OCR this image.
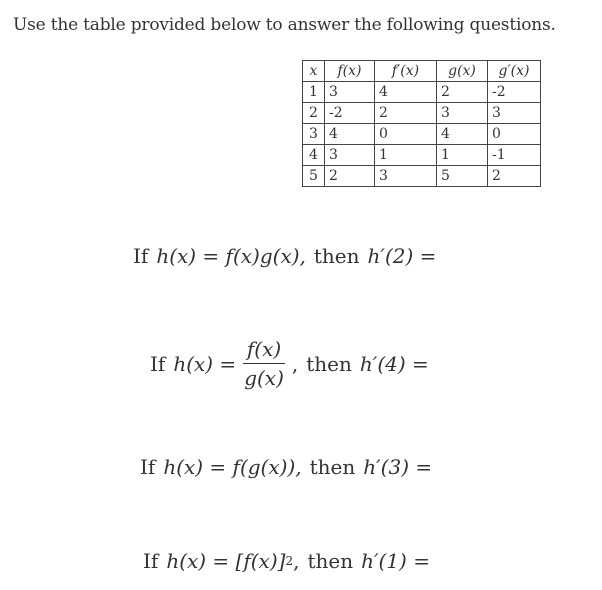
Use the table provided below to answer the following questions.
x	f(x)	f′(x)	g(x)	g′(x)
1	3	4	2	-2
2	-2	2	3	3
3	4	0	4	0
4	3	1	1	-1
5	2	3	5	2
If h(x) = f(x)g(x), then h′(2) =
If $h(x) = \frac{f(x)}{g(x)}$ , then h′(4) =
If h(x) = f(g(x)), then h′(3) =
If h(x) = [f(x)] 2 , then h′(1) =
